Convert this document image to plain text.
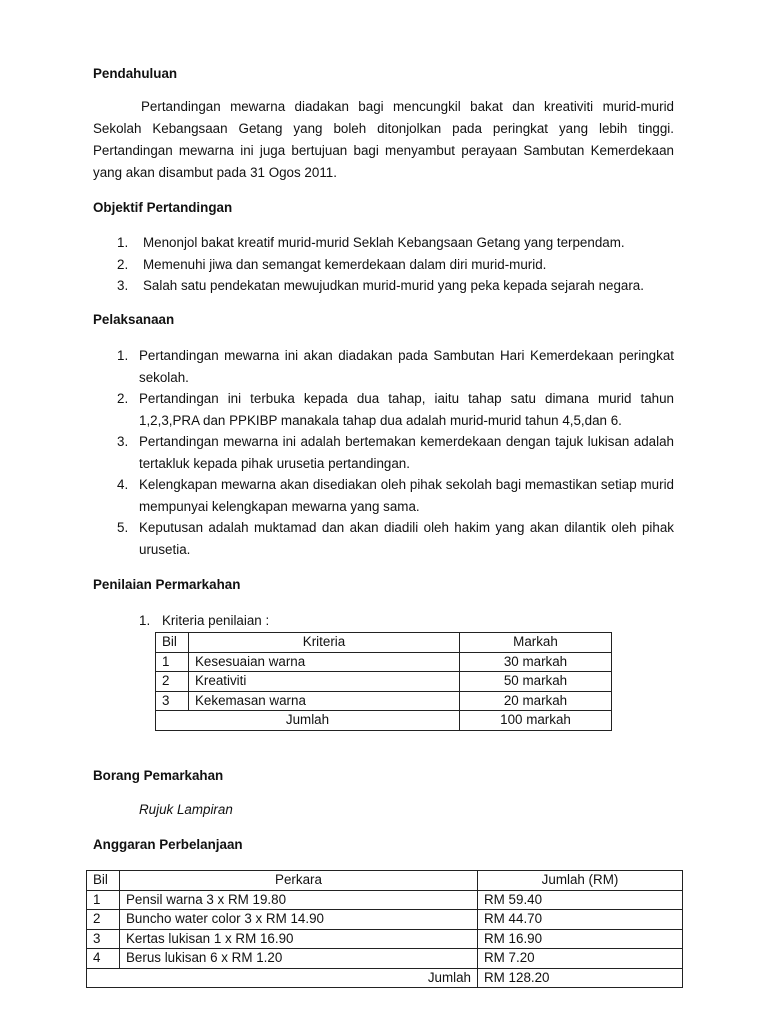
Pendahuluan

Pertandingan mewarna diadakan bagi mencungkil bakat dan kreativiti murid-murid Sekolah Kebangsaan Getang yang boleh ditonjolkan pada peringkat yang lebih tinggi. Pertandingan mewarna ini juga bertujuan bagi menyambut perayaan Sambutan Kemerdekaan yang akan disambut pada 31 Ogos 2011.

Objektif Pertandingan
1. Menonjol bakat kreatif murid-murid Seklah Kebangsaan Getang yang terpendam.
2. Memenuhi jiwa dan semangat kemerdekaan dalam diri murid-murid.
3. Salah satu pendekatan mewujudkan murid-murid yang peka kepada sejarah negara.
Pelaksanaan
1. Pertandingan mewarna ini akan diadakan pada Sambutan Hari Kemerdekaan peringkat sekolah.
2. Pertandingan ini terbuka kepada dua tahap, iaitu tahap satu dimana murid tahun 1,2,3,PRA dan PPKIBP manakala tahap dua adalah murid-murid tahun 4,5,dan 6.
3. Pertandingan mewarna ini adalah bertemakan kemerdekaan dengan tajuk lukisan adalah tertakluk kepada pihak urusetia pertandingan.
4. Kelengkapan mewarna akan disediakan oleh pihak sekolah bagi memastikan setiap murid mempunyai kelengkapan mewarna yang sama.
5. Keputusan adalah muktamad dan akan diadili oleh hakim yang akan dilantik oleh pihak urusetia.
Penilaian Permarkahan
1. Kriteria penilaian :
Bil	Kriteria	Markah
1	Kesesuaian warna	30 markah
2	Kreativiti	50 markah
3	Kekemasan warna	20 markah
Jumlah		100 markah
Borang Pemarkahan
Rujuk Lampiran
Anggaran Perbelanjaan
Bil	Perkara	Jumlah (RM)
1	Pensil warna 3 x RM 19.80	RM 59.40
2	Buncho water color 3 x RM 14.90	RM 44.70
3	Kertas lukisan 1 x RM 16.90	RM 16.90
4	Berus lukisan 6 x RM 1.20	RM 7.20
Jumlah		RM 128.20
